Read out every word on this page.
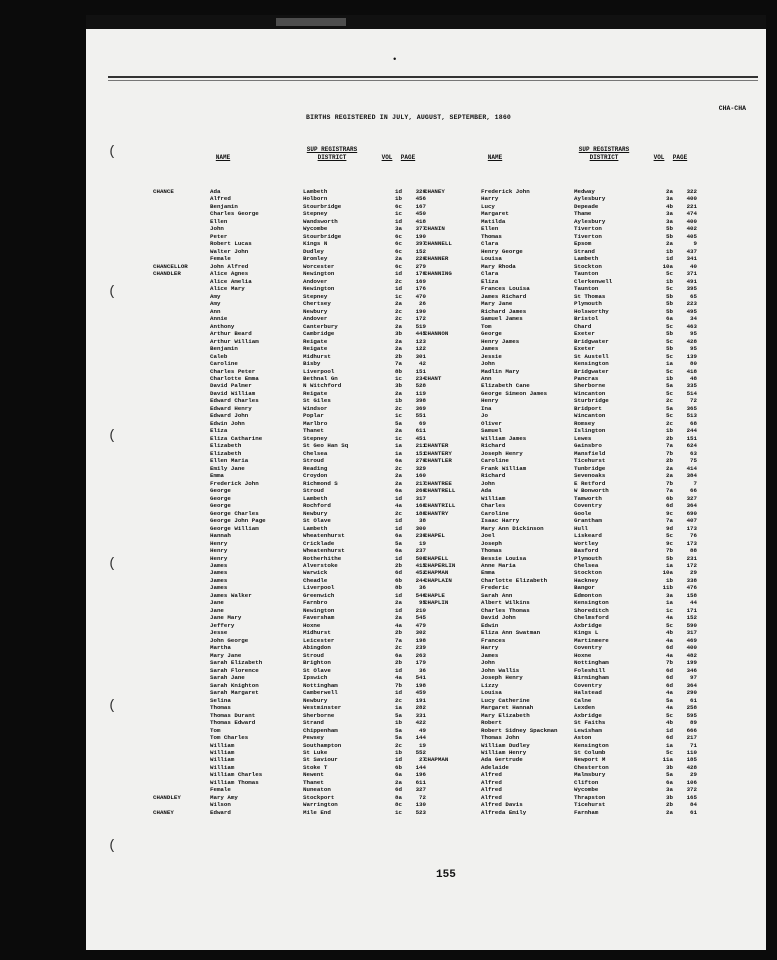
•
CHA-CHA
BIRTHS REGISTERED IN JULY, AUGUST, SEPTEMBER, 1860
SUP REGISTRARS
NAME	DISTRICT	VOL	PAGE
SUP REGISTRARS
NAME	DISTRICT	VOL	PAGE
(
(
(
(
(
(
CHANCE	Ada	Lambeth	1d	320
Alfred	Holborn	1b	456
Benjamin	Stourbridge	6c	167
Charles George	Stepney	1c	450
Ellen	Wandsworth	1d	418
John	Wycombe	3a	377
Peter	Stourbridge	6c	190
Robert Lucas	Kings N	6c	397
Walter John	Dudley	6c	152
Female	Bromley	2a	220
CHANCELLOR	John Alfred	Worcester	6c	279
CHANDLER	Alice Agnes	Newington	1d	178
Alice Amelia	Andover	2c	169
Alice Mary	Newington	1d	176
Amy	Stepney	1c	470
Amy	Chertsey	2a	26
Ann	Newbury	2c	190
Annie	Andover	2c	172
Anthony	Canterbury	2a	519
Arthur Beard	Cambridge	3b	445
Arthur William	Reigate	2a	123
Benjamin	Reigate	2a	122
Caleb	Midhurst	2b	301
Caroline	Bisby	7a	42
Charles Peter	Liverpool	8b	151
Charlotte Emma	Bethnal Gn	1c	234
David Palmer	N Witchford	3b	528
David William	Reigate	2a	119
Edward Charles	St Giles	1b	398
Edward Henry	Windsor	2c	369
Edward John	Poplar	1c	551
Edwin John	Marlbro	5a	69
Eliza	Thanet	2a	611
Eliza Catharine	Stepney	1c	451
Elizabeth	St Geo Han Sq	1a	211
Elizabeth	Chelsea	1a	151
Ellen Maria	Stroud	6a	270
Emily Jane	Reading	2c	329
Emma	Croydon	2a	160
Frederick John	Richmond S	2a	217
George	Stroud	6a	260
George	Lambeth	1d	317
George	Rochford	4a	168
George Charles	Newbury	2c	188
George John Page	St Olave	1d	38
George William	Lambeth	1d	300
Hannah	Wheatenhurst	6a	230
Henry	Cricklade	5a	19
Henry	Wheatenhurst	6a	237
Henry	Rotherhithe	1d	508
James	Alverstoke	2b	415
James	Warwick	6d	452
James	Cheadle	6b	244
James	Liverpool	8b	36
James Walker	Greenwich	1d	546
Jane	Farnbro	2a	95
Jane	Newington	1d	210
Jane Mary	Faversham	2a	545
Jeffery	Hoxne	4a	479
Jesse	Midhurst	2b	302
John George	Leicester	7a	198
Martha	Abingdon	2c	239
Mary Jane	Stroud	6a	263
Sarah Elizabeth	Brighton	2b	179
Sarah Florence	St Olave	1d	36
Sarah Jane	Ipswich	4a	541
Sarah Knighton	Nottingham	7b	198
Sarah Margaret	Camberwell	1d	459
Selina	Newbury	2c	191
Thomas	Westminster	1a	282
Thomas Durant	Sherborne	5a	331
Thomas Edward	Strand	1b	422
Tom	Chippenham	5a	49
Tom Charles	Pewsey	5a	144
William	Southampton	2c	19
William	St Luke	1b	552
William	St Saviour	1d	27
William	Stoke T	6b	144
William Charles	Newent	6a	196
William Thomas	Thanet	2a	611
Female	Nuneaton	6d	327
CHANDLEY	Mary Amy	Stockport	8a	72
Wilson	Warrington	8c	130
CHANEY	Edward	Mile End	1c	523
CHANEY	Frederick John	Medway	2a	322
Harry	Aylesbury	3a	400
Lucy	Depeade	4b	221
Margaret	Thame	3a	474
Matilda	Aylesbury	3a	400
CHANIN	Ellen	Tiverton	5b	402
Thomas	Tiverton	5b	405
CHANNELL	Clara	Epsom	2a	9
Henry George	Strand	1b	437
CHANNER	Louisa	Lambeth	1d	341
Mary Rhoda	Stockton	10a	40
CHANNING	Clara	Taunton	5c	371
Eliza	Clerkenwell	1b	491
Frances Louisa	Taunton	5c	395
James Richard	St Thomas	5b	65
Mary Jane	Plymouth	5b	223
Richard James	Holsworthy	5b	495
Samuel James	Bristol	6a	34
Tom	Chard	5c	463
CHANNON	George	Exeter	5b	95
Henry James	Bridgwater	5c	428
James	Exeter	5b	95
Jessie	St Austell	5c	139
John	Kensington	1a	80
Madlin Mary	Bridgwater	5c	418
CHANT	Ann	Pancras	1b	48
Elizabeth Cane	Sherborne	5a	335
George Simeon James	Wincanton	5c	514
Henry	Sturbridge	2c	72
Ina	Bridport	5a	365
Jo	Wincanton	5c	513
Oliver	Romsey	2c	68
Samuel	Islington	1b	244
William James	Lewes	2b	151
CHANTER	Richard	Gainsbro	7a	624
CHANTERY	Joseph Henry	Mansfield	7b	63
CHANTLER	Caroline	Ticehurst	2b	75
Frank William	Tunbridge	2a	414
Richard	Sevenoaks	2a	384
CHANTREE	John	E Retford	7b	7
CHANTRELL	Ada	W Bonworth	7a	66
William	Tamworth	6b	327
CHANTRILL	Charles	Coventry	6d	364
CHANTRY	Caroline	Goole	9c	690
Isaac Harry	Grantham	7a	407
Mary Ann Dickinson	Hull	9d	173
CHAPEL	Joel	Liskeard	5c	76
Joseph	Wortley	9c	173
Thomas	Basford	7b	88
CHAPELL	Bessie Louisa	Plymouth	5b	231
CHAPERLIN	Anne Maria	Chelsea	1a	172
CHAPMAN	Emma	Stockton	10a	29
CHAPLAIN	Charlotte Elizabeth	Hackney	1b	338
Frederic	Bangor	11b	476
CHAPLE	Sarah Ann	Edmonton	3a	158
CHAPLIN	Albert Wilkins	Kensington	1a	44
Charles Thomas	Shoreditch	1c	171
David John	Chelmsford	4a	152
Edwin	Axbridge	5c	590
Eliza Ann Swatman	Kings L	4b	317
Frances	Martinmere	4a	469
Harry	Coventry	6d	400
James	Hoxne	4a	482
John	Nottingham	7b	199
John Wallis	Foleshill	6d	346
Joseph Henry	Birmingham	6d	97
Lizzy	Coventry	6d	364
Louisa	Halstead	4a	290
Lucy Catherine	Calne	5a	61
Margaret Hannah	Lexden	4a	258
Mary Elizabeth	Axbridge	5c	595
Robert	St Faiths	4b	89
Robert Sidney Spackman	Lewisham	1d	666
Thomas John	Aston	6d	217
William Dudley	Kensington	1a	71
William Henry	St Columb	5c	110
CHAPMAN	Ada Gertrude	Newport M	11a	185
Adelaide	Chesterton	3b	428
Alfred	Malmsbury	5a	29
Alfred	Clifton	6a	106
Alfred	Wycombe	3a	372
Alfred	Thrapston	3b	165
Alfred Davis	Ticehurst	2b	84
Alfreda Emily	Farnham	2a	61
155
